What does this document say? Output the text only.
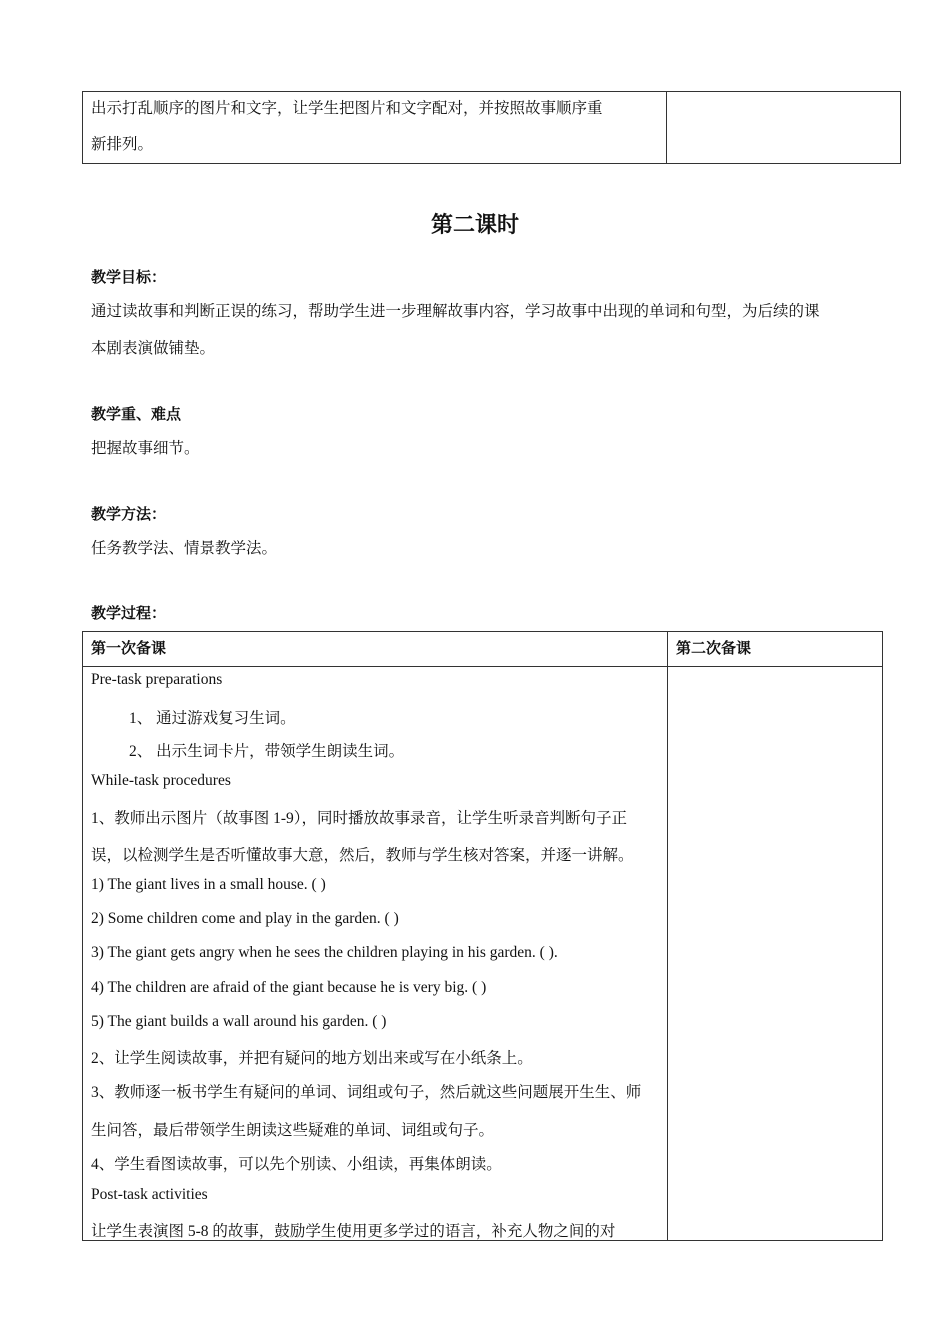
出示打乱顺序的图片和文字，让学生把图片和文字配对，并按照故事顺序重
新排列。
第二课时
教学目标：
通过读故事和判断正误的练习，帮助学生进一步理解故事内容，学习故事中出现的单词和句型，为后续的课
本剧表演做铺垫。
教学重、难点
把握故事细节。
教学方法：
任务教学法、情景教学法。
教学过程：

第一次备课	第二次备课
Pre-task preparations
1、 通过游戏复习生词。
2、 出示生词卡片，带领学生朗读生词。
While-task procedures
1、教师出示图片（故事图 1-9），同时播放故事录音，让学生听录音判断句子正
误，以检测学生是否听懂故事大意，然后，教师与学生核对答案，并逐一讲解。
1) The giant lives in a small house. ( )
2) Some children come and play in the garden. ( )
3) The giant gets angry when he sees the children playing in his garden. ( ).
4) The children are afraid of the giant because he is very big. ( )
5) The giant builds a wall around his garden. ( )
2、让学生阅读故事，并把有疑问的地方划出来或写在小纸条上。
3、教师逐一板书学生有疑问的单词、词组或句子，然后就这些问题展开生生、师
生问答，最后带领学生朗读这些疑难的单词、词组或句子。
4、学生看图读故事，可以先个别读、小组读，再集体朗读。
Post-task activities
让学生表演图 5-8 的故事，鼓励学生使用更多学过的语言，补充人物之间的对
